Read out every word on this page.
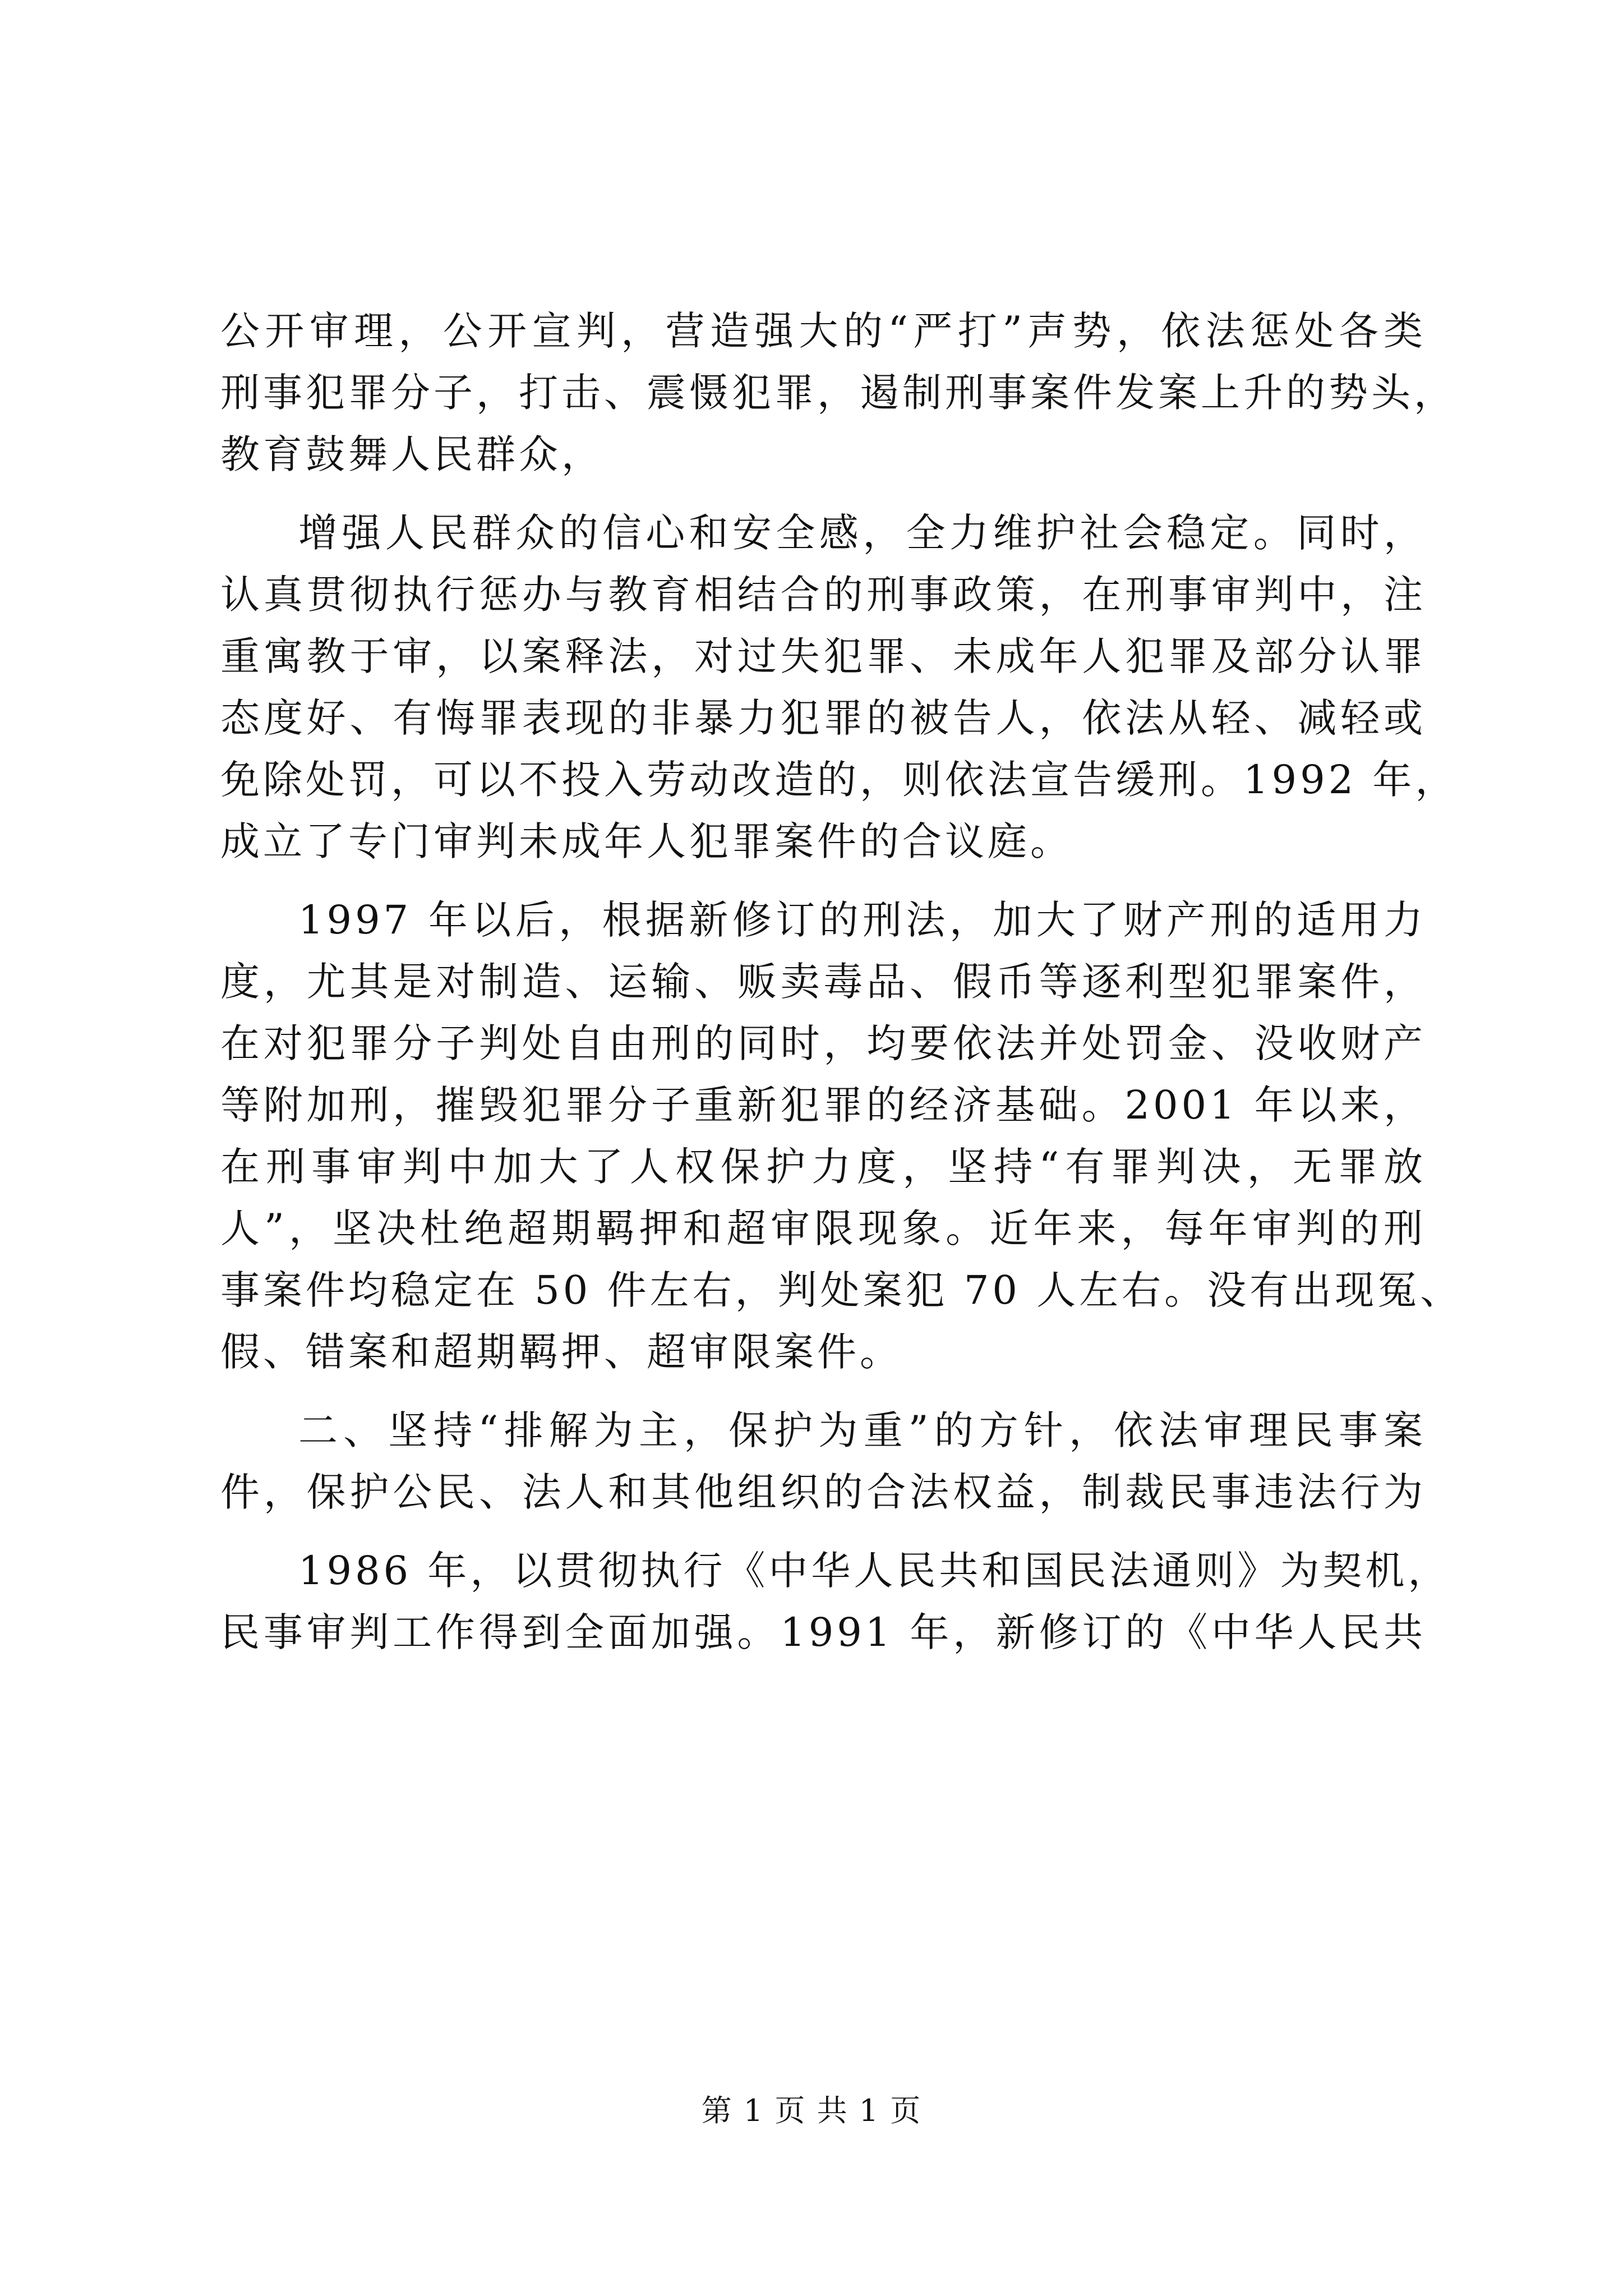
公开审理，公开宣判，营造强大的“严打”声势，依法惩处各类
刑事犯罪分子，打击、震慑犯罪，遏制刑事案件发案上升的势头，
教育鼓舞人民群众，
增强人民群众的信心和安全感，全力维护社会稳定。同时，
认真贯彻执行惩办与教育相结合的刑事政策，在刑事审判中，注
重寓教于审，以案释法，对过失犯罪、未成年人犯罪及部分认罪
态度好、有悔罪表现的非暴力犯罪的被告人，依法从轻、减轻或
免除处罚，可以不投入劳动改造的，则依法宣告缓刑。1992 年，
成立了专门审判未成年人犯罪案件的合议庭。
1997 年以后，根据新修订的刑法，加大了财产刑的适用力
度，尤其是对制造、运输、贩卖毒品、假币等逐利型犯罪案件，
在对犯罪分子判处自由刑的同时，均要依法并处罚金、没收财产
等附加刑，摧毁犯罪分子重新犯罪的经济基础。2001 年以来，
在刑事审判中加大了人权保护力度，坚持“有罪判决，无罪放
人”，坚决杜绝超期羁押和超审限现象。近年来，每年审判的刑
事案件均稳定在 50 件左右，判处案犯 70 人左右。没有出现冤、
假、错案和超期羁押、超审限案件。
二、坚持“排解为主，保护为重”的方针，依法审理民事案
件，保护公民、法人和其他组织的合法权益，制裁民事违法行为
1986 年，以贯彻执行《中华人民共和国民法通则》为契机，
民事审判工作得到全面加强。1991 年，新修订的《中华人民共
第 1 页 共 1 页
